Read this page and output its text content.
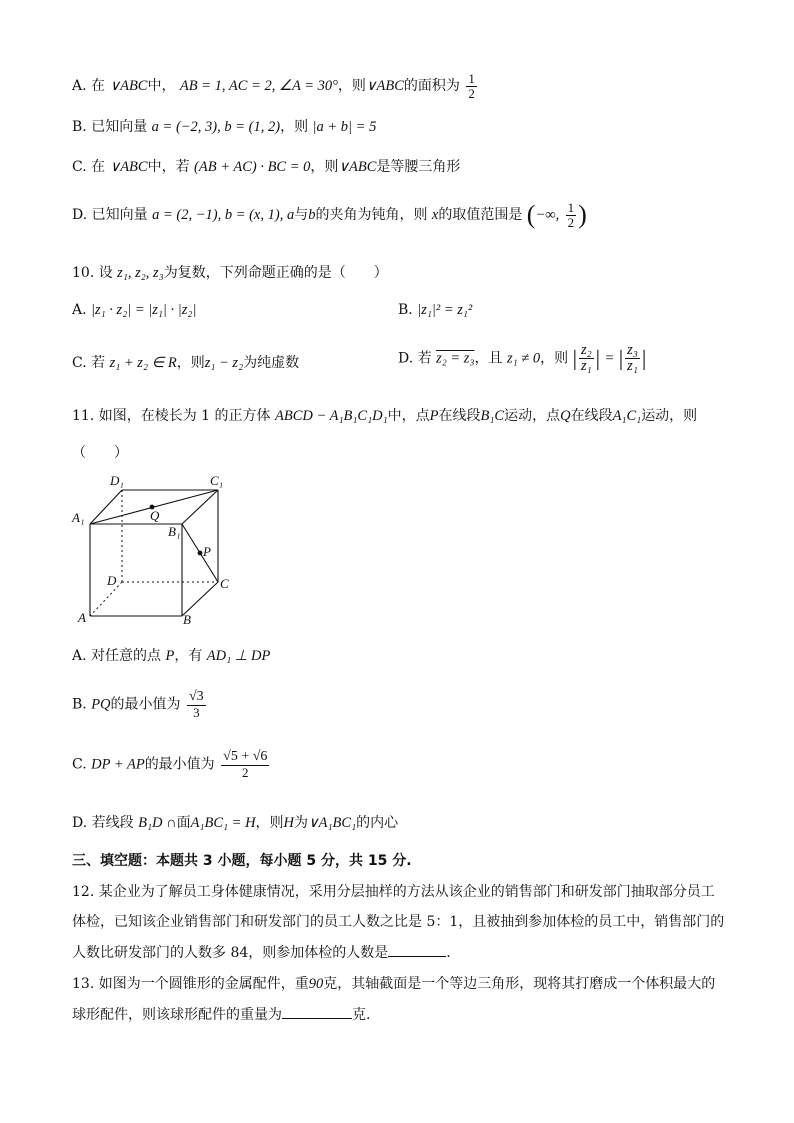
A. 在 ∨ABC中， AB = 1, AC = 2, ∠A = 30°，则∨ABC的面积为 $\frac{1}{2}$
B. 已知向量 a = (−2, 3), b = (1, 2)，则 |a + b| = 5
C. 在 ∨ABC中，若 (AB + AC) · BC = 0，则∨ABC是等腰三角形
D. 已知向量 a = (2, −1), b = (x, 1), a与b的夹角为钝角，则 x的取值范围是 (−∞, $\frac{1}{2}$ )
10. 设 z₁, z₂, z₃为复数，下列命题正确的是（　　）
A. |z₁ · z₂| = |z₁| · |z₂|	B. |z₁|² = z₁²
C. 若 z₁ + z₂ ∈ R，则z₁ − z₂为纯虚数	D. 若 z₂ = z₃，且 z₁ ≠ 0，则 | $\frac{\text{z₂}}{\text{z₁}}$ | = | $\frac{\text{z₃}}{\text{z₁}}$ |
11. 如图，在棱长为 1 的正方体 ABCD − A₁B₁C₁D₁中，点P在线段B₁C运动，点Q在线段A₁C₁运动，则
（　　）
D₁	C₁
A₁
B₁
Q
P
D	C
A	B
A. 对任意的点 P，有 AD₁ ⊥ DP
B. PQ的最小值为 $\frac{√3}{3}$
C. DP + AP的最小值为 $\frac{√5 + √6}{2}$
D. 若线段 B₁D ∩面A₁BC₁ = H，则H为∨A₁BC₁的内心
三、填空题：本题共 3 小题，每小题 5 分，共 15 分.
12. 某企业为了解员工身体健康情况，采用分层抽样的方法从该企业的销售部门和研发部门抽取部分员工
体检，已知该企业销售部门和研发部门的员工人数之比是 5：1，且被抽到参加体检的员工中，销售部门的
人数比研发部门的人数多 84，则参加体检的人数是	.
13. 如图为一个圆锥形的金属配件，重90克，其轴截面是一个等边三角形，现将其打磨成一个体积最大的
球形配件，则该球形配件的重量为	克.
